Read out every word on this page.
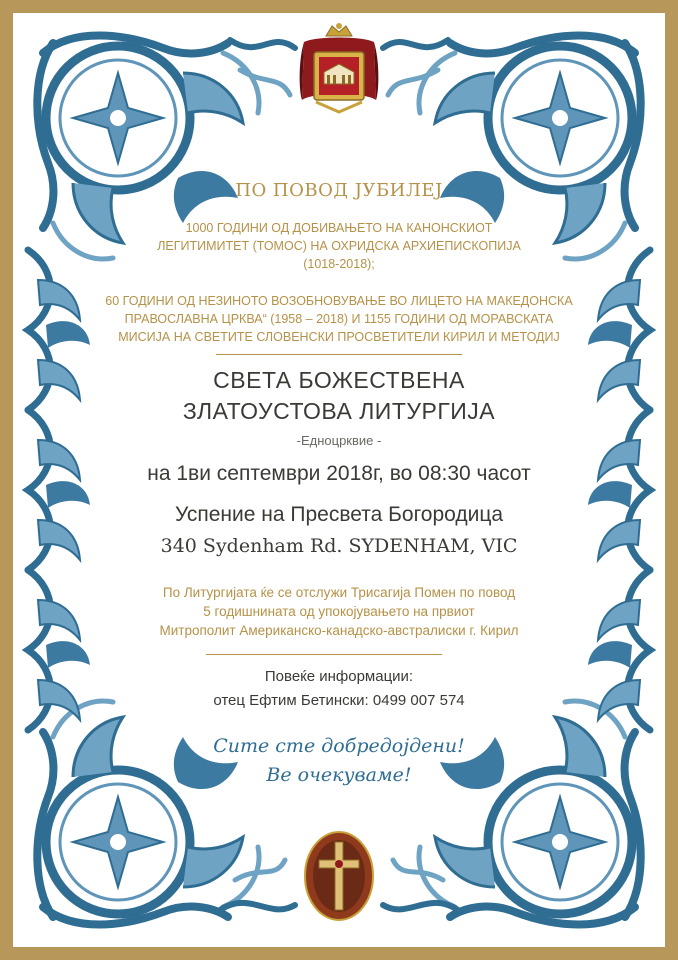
ПО ПОВОД ЈУБИЛЕЈ

1000 ГОДИНИ ОД ДОБИВАЊЕТО НА КАНОНСКИОТ

ЛЕГИТИМИТЕТ (ТОМОС) НА ОХРИДСКА АРХИЕПИСКОПИЈА

(1018-2018);

60 ГОДИНИ ОД НЕЗИНОТО ВОЗОБНОВУВАЊЕ ВО ЛИЦЕТО НА МАКЕДОНСКА

ПРАВОСЛАВНА ЦРКВА“ (1958 – 2018) И 1155 ГОДИНИ ОД МОРАВСКАТА

МИСИЈА НА СВЕТИТЕ СЛОВЕНСКИ ПРОСВЕТИТЕЛИ КИРИЛ И МЕТОДИЈ

СВЕТА БОЖЕСТВЕНА

ЗЛАТОУСТОВА ЛИТУРГИЈА

-Едноцрквие -

на 1ви септември 2018г, во 08:30 часот

Успение на Пресвета Богородица

340 Sydenham Rd. SYDENHAM, VIC

По Литургијата ќе се отслужи Трисагија Помен по повод

5 годишнината од упокојувањето на првиот

Митрополит Американско-канадско-австралиски г. Кирил

Повеќе информации:

отец Ефтим Бетински: 0499 007 574

Сите сте добредојдени!

Ве очекуваме!
